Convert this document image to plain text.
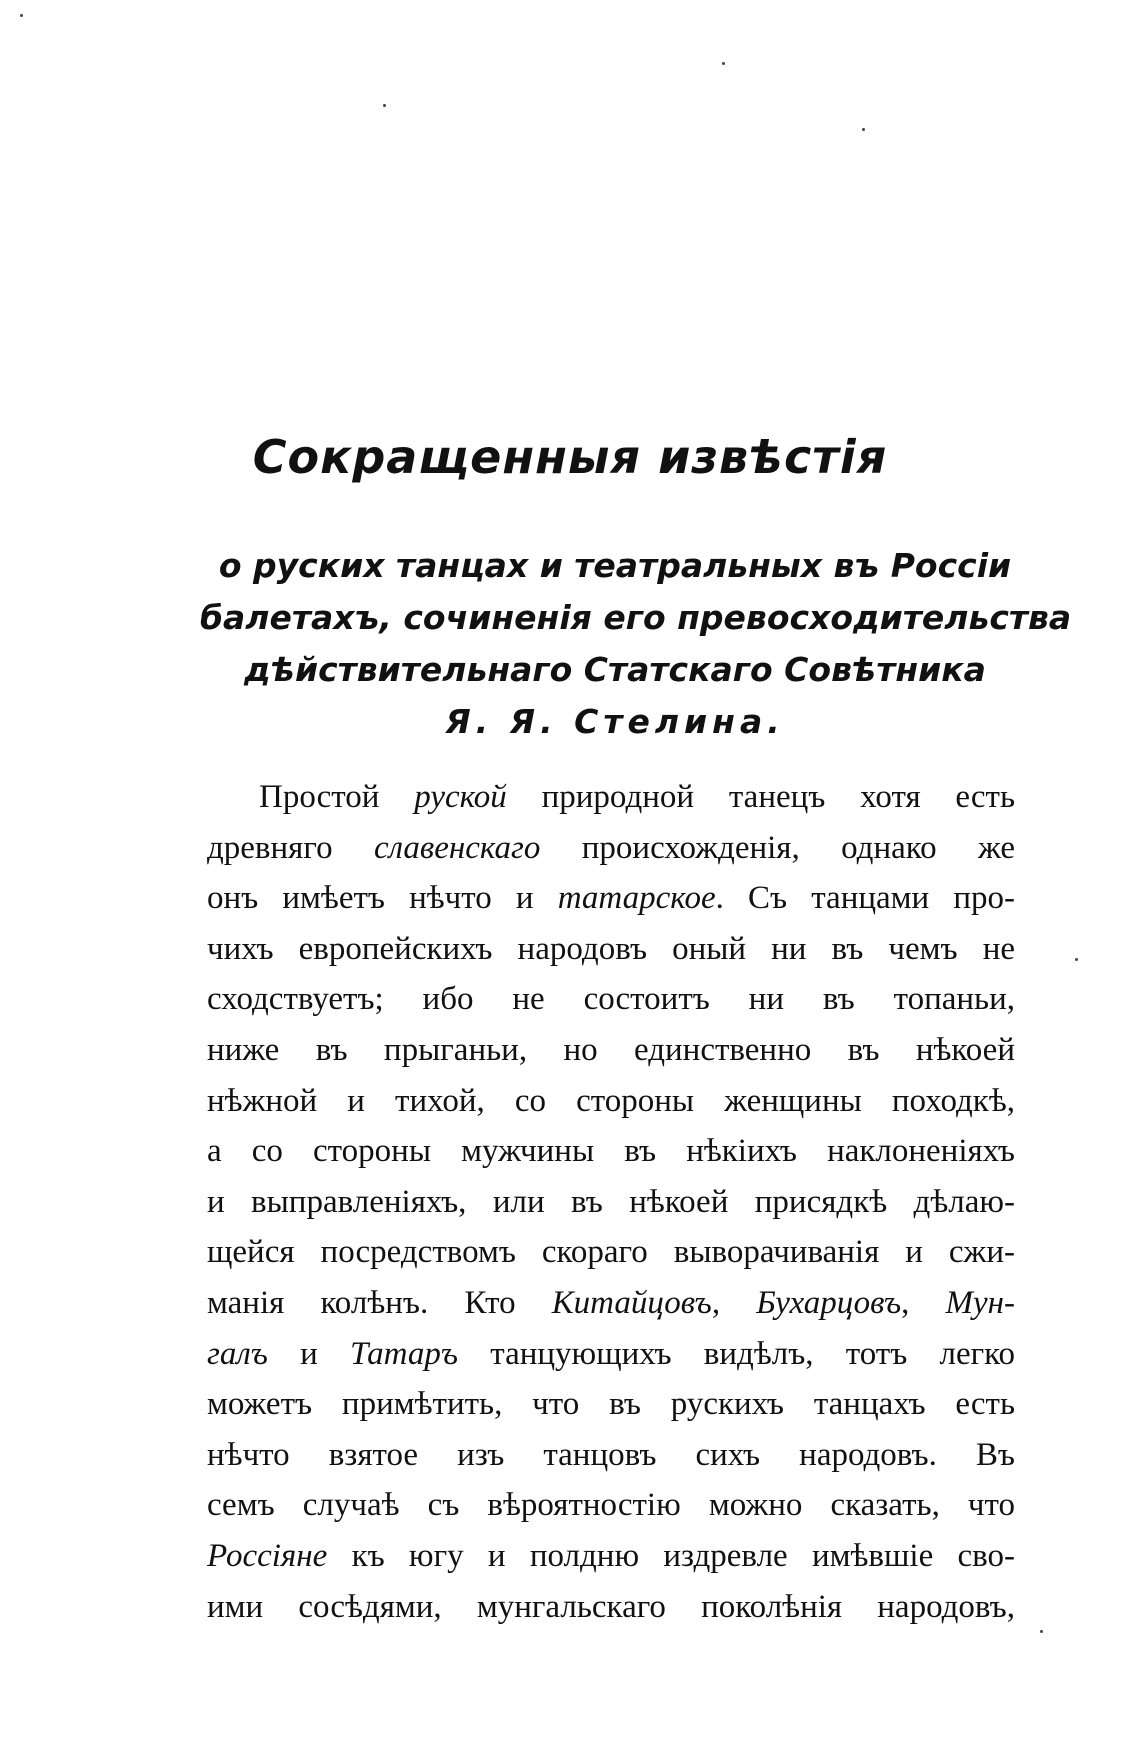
Сокращенныя извѣстія
о руских танцах и театральных въ Россіи
балетахъ, сочиненія его превосходительства
дѣйствительнаго Статскаго Совѣтника
Я. Я. Стелина.
Простой руской природной танецъ хотя есть
древняго славенскаго происхожденія, однако же
онъ имѣетъ нѣчто и татарское. Съ танцами про-
чихъ европейскихъ народовъ оный ни въ чемъ не
сходствуетъ; ибо не состоитъ ни въ топаньи,
ниже въ прыганьи, но единственно въ нѣкоей
нѣжной и тихой, со стороны женщины походкѣ,
а со стороны мужчины въ нѣкіихъ наклоненіяхъ
и выправленіяхъ, или въ нѣкоей присядкѣ дѣлаю-
щейся посредствомъ скораго выворачиванія и сжи-
манія колѣнъ. Кто Китайцовъ, Бухарцовъ, Мун-
галъ и Татаръ танцующихъ видѣлъ, тотъ легко
можетъ примѣтить, что въ рускихъ танцахъ есть
нѣчто взятое изъ танцовъ сихъ народовъ. Въ
семъ случаѣ съ вѣроятностію можно сказать, что
Россіяне къ югу и полдню издревле имѣвшіе сво-
ими сосѣдями, мунгальскаго поколѣнія народовъ,
